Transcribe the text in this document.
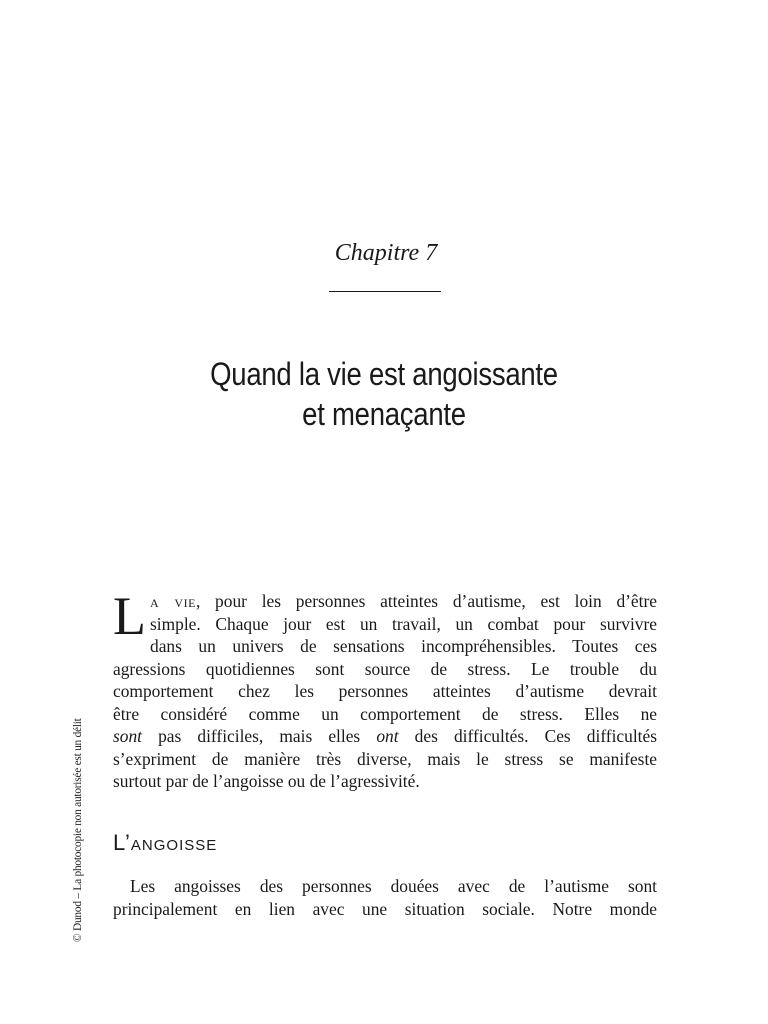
Chapitre 7
Quand la vie est angoissante
et menaçante
© Dunod – La photocopie non autorisée est un délit
L a vie, pour les personnes atteintes d’autisme, est loin d’être
simple. Chaque jour est un travail, un combat pour survivre
dans un univers de sensations incompréhensibles. Toutes ces
agressions quotidiennes sont source de stress. Le trouble du
comportement chez les personnes atteintes d’autisme devrait
être considéré comme un comportement de stress. Elles ne
sont pas difficiles, mais elles ont des difficultés. Ces difficultés
s’expriment de manière très diverse, mais le stress se manifeste
surtout par de l’angoisse ou de l’agressivité.
L’angoisse
Les angoisses des personnes douées avec de l’autisme sont
principalement en lien avec une situation sociale. Notre monde
